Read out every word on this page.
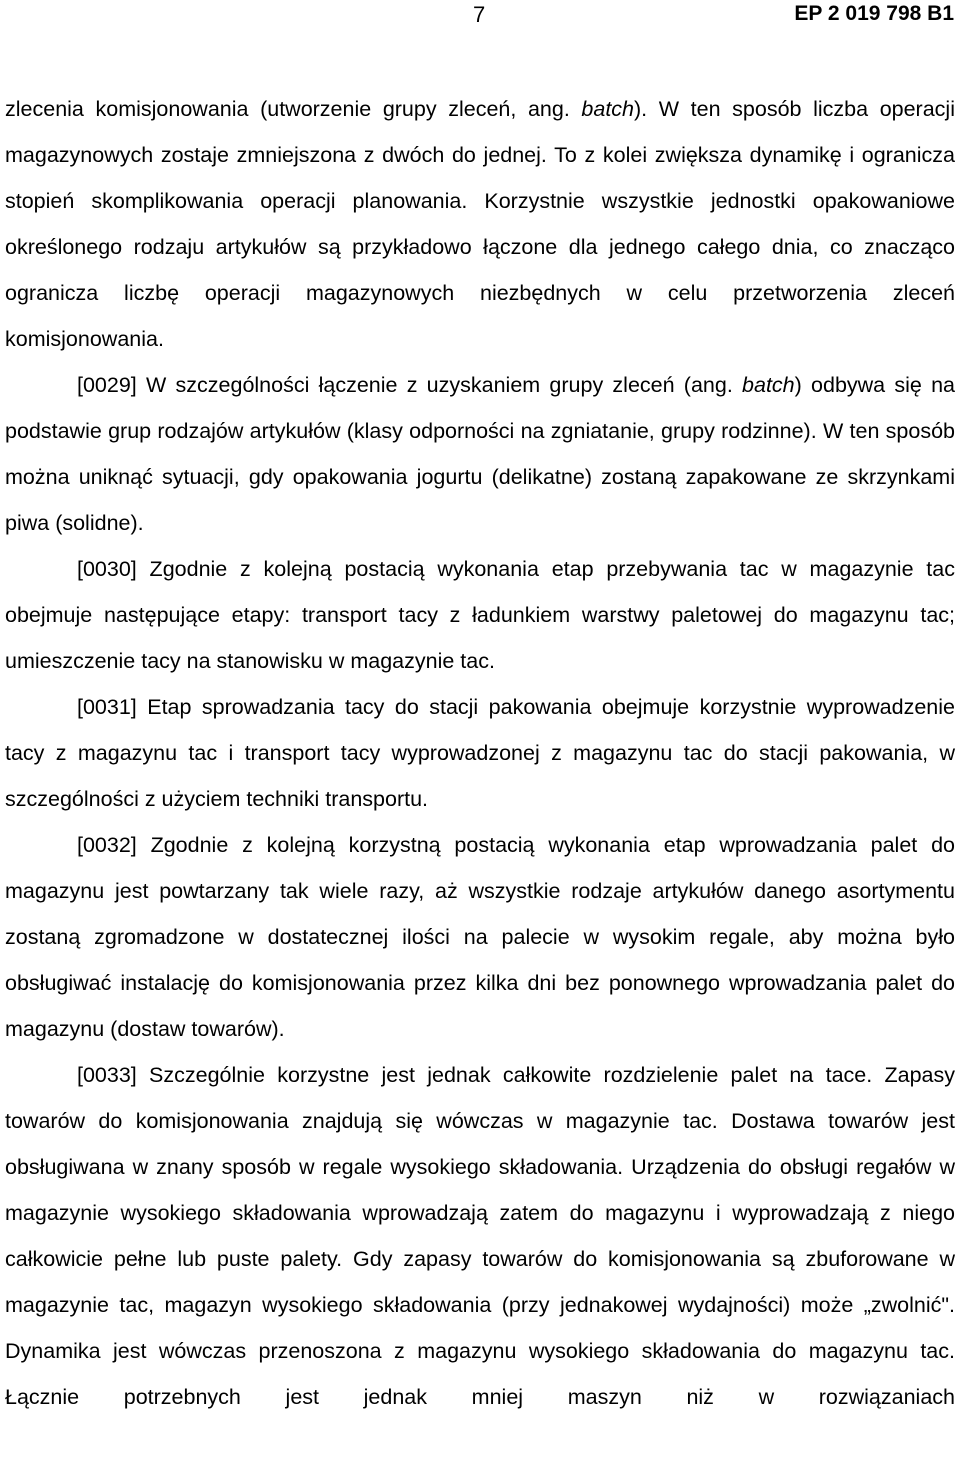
7	EP 2 019 798 B1

zlecenia komisjonowania (utworzenie grupy zleceń, ang. batch). W ten sposób liczba operacji magazynowych zostaje zmniejszona z dwóch do jednej. To z kolei zwiększa dynamikę i ogranicza stopień skomplikowania operacji planowania. Korzystnie wszystkie jednostki opakowaniowe określonego rodzaju artykułów są przykładowo łączone dla jednego całego dnia, co znacząco ogranicza liczbę operacji magazynowych niezbędnych w celu przetworzenia zleceń komisjonowania.

[0029] W szczególności łączenie z uzyskaniem grupy zleceń (ang. batch) odbywa się na podstawie grup rodzajów artykułów (klasy odporności na zgniatanie, grupy rodzinne). W ten sposób można uniknąć sytuacji, gdy opakowania jogurtu (delikatne) zostaną zapakowane ze skrzynkami piwa (solidne).

[0030] Zgodnie z kolejną postacią wykonania etap przebywania tac w magazynie tac obejmuje następujące etapy: transport tacy z ładunkiem warstwy paletowej do magazynu tac; umieszczenie tacy na stanowisku w magazynie tac.

[0031] Etap sprowadzania tacy do stacji pakowania obejmuje korzystnie wyprowadzenie tacy z magazynu tac i transport tacy wyprowadzonej z magazynu tac do stacji pakowania, w szczególności z użyciem techniki transportu.

[0032] Zgodnie z kolejną korzystną postacią wykonania etap wprowadzania palet do magazynu jest powtarzany tak wiele razy, aż wszystkie rodzaje artykułów danego asortymentu zostaną zgromadzone w dostatecznej ilości na palecie w wysokim regale, aby można było obsługiwać instalację do komisjonowania przez kilka dni bez ponownego wprowadzania palet do magazynu (dostaw towarów).

[0033] Szczególnie korzystne jest jednak całkowite rozdzielenie palet na tace. Zapasy towarów do komisjonowania znajdują się wówczas w magazynie tac. Dostawa towarów jest obsługiwana w znany sposób w regale wysokiego składowania. Urządzenia do obsługi regałów w magazynie wysokiego składowania wprowadzają zatem do magazynu i wyprowadzają z niego całkowicie pełne lub puste palety. Gdy zapasy towarów do komisjonowania są zbuforowane w magazynie tac, magazyn wysokiego składowania (przy jednakowej wydajności) może „zwolnić". Dynamika jest wówczas przenoszona z magazynu wysokiego składowania do magazynu tac. Łącznie potrzebnych jest jednak mniej maszyn niż w rozwiązaniach
